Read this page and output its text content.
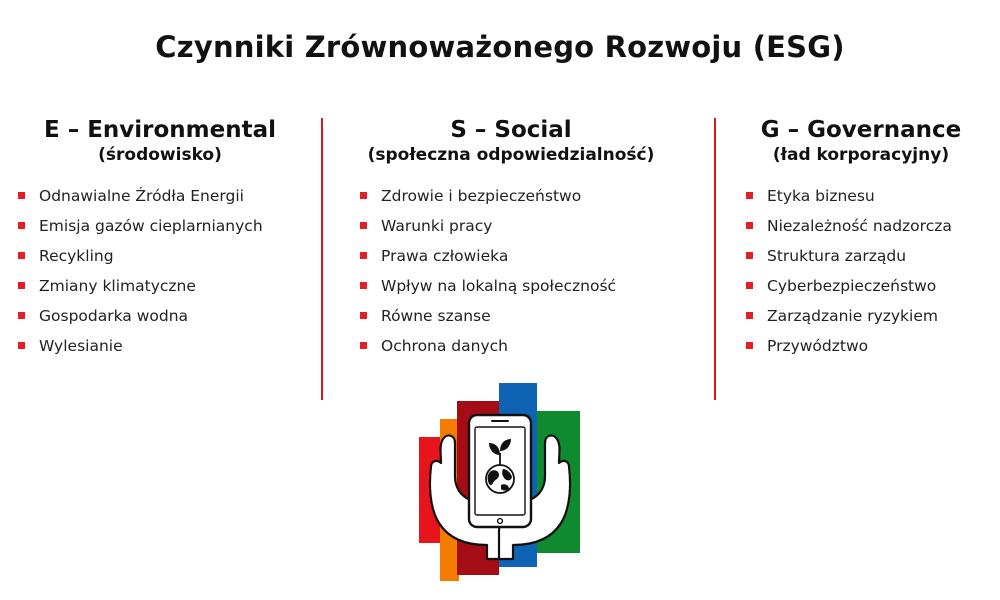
Czynniki Zrównoważonego Rozwoju (ESG)
E – Environmental
(środowisko)
Odnawialne Źródła Energii
Emisja gazów cieplarnianych
Recykling
Zmiany klimatyczne
Gospodarka wodna
Wylesianie
S – Social
(społeczna odpowiedzialność)
Zdrowie i bezpieczeństwo
Warunki pracy
Prawa człowieka
Wpływ na lokalną społeczność
Równe szanse
Ochrona danych
G – Governance
(ład korporacyjny)
Etyka biznesu
Niezależność nadzorcza
Struktura zarządu
Cyberbezpieczeństwo
Zarządzanie ryzykiem
Przywództwo
